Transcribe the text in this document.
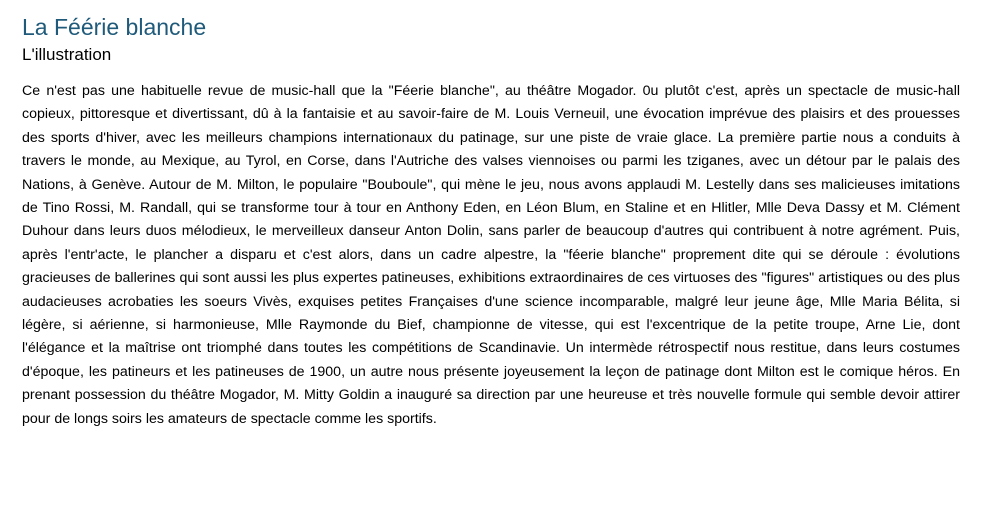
La Féérie blanche
L'illustration

Ce n'est pas une habituelle revue de music-hall que la "Féerie blanche", au théâtre Mogador. 0u plutôt c'est, après un spectacle de music-hall copieux, pittoresque et divertissant, dû à la fantaisie et au savoir-faire de M. Louis Verneuil, une évocation imprévue des plaisirs et des prouesses des sports d'hiver, avec les meilleurs champions internationaux du patinage, sur une piste de vraie glace. La première partie nous a conduits à travers le monde, au Mexique, au Tyrol, en Corse, dans l'Autriche des valses viennoises ou parmi les tziganes, avec un détour par le palais des Nations, à Genève. Autour de M. Milton, le populaire "Bouboule", qui mène le jeu, nous avons applaudi M. Lestelly dans ses malicieuses imitations de Tino Rossi, M. Randall, qui se transforme tour à tour en Anthony Eden, en Léon Blum, en Staline et en Hlitler, Mlle Deva Dassy et M. Clément Duhour dans leurs duos mélodieux, le merveilleux danseur Anton Dolin, sans parler de beaucoup d'autres qui contribuent à notre agrément. Puis, après l'entr'acte, le plancher a disparu et c'est alors, dans un cadre alpestre, la "féerie blanche" proprement dite qui se déroule : évolutions gracieuses de ballerines qui sont aussi les plus expertes patineuses, exhibitions extraordinaires de ces virtuoses des "figures" artistiques ou des plus audacieuses acrobaties les soeurs Vivès, exquises petites Françaises d'une science incomparable, malgré leur jeune âge, Mlle Maria Bélita, si légère, si aérienne, si harmonieuse, Mlle Raymonde du Bief, championne de vitesse, qui est l'excentrique de la petite troupe, Arne Lie, dont l'élégance et la maîtrise ont triomphé dans toutes les compétitions de Scandinavie. Un intermède rétrospectif nous restitue, dans leurs costumes d'époque, les patineurs et les patineuses de 1900, un autre nous présente joyeusement la leçon de patinage dont Milton est le comique héros. En prenant possession du théâtre Mogador, M. Mitty Goldin a inauguré sa direction par une heureuse et très nouvelle formule qui semble devoir attirer pour de longs soirs les amateurs de spectacle comme les sportifs.
